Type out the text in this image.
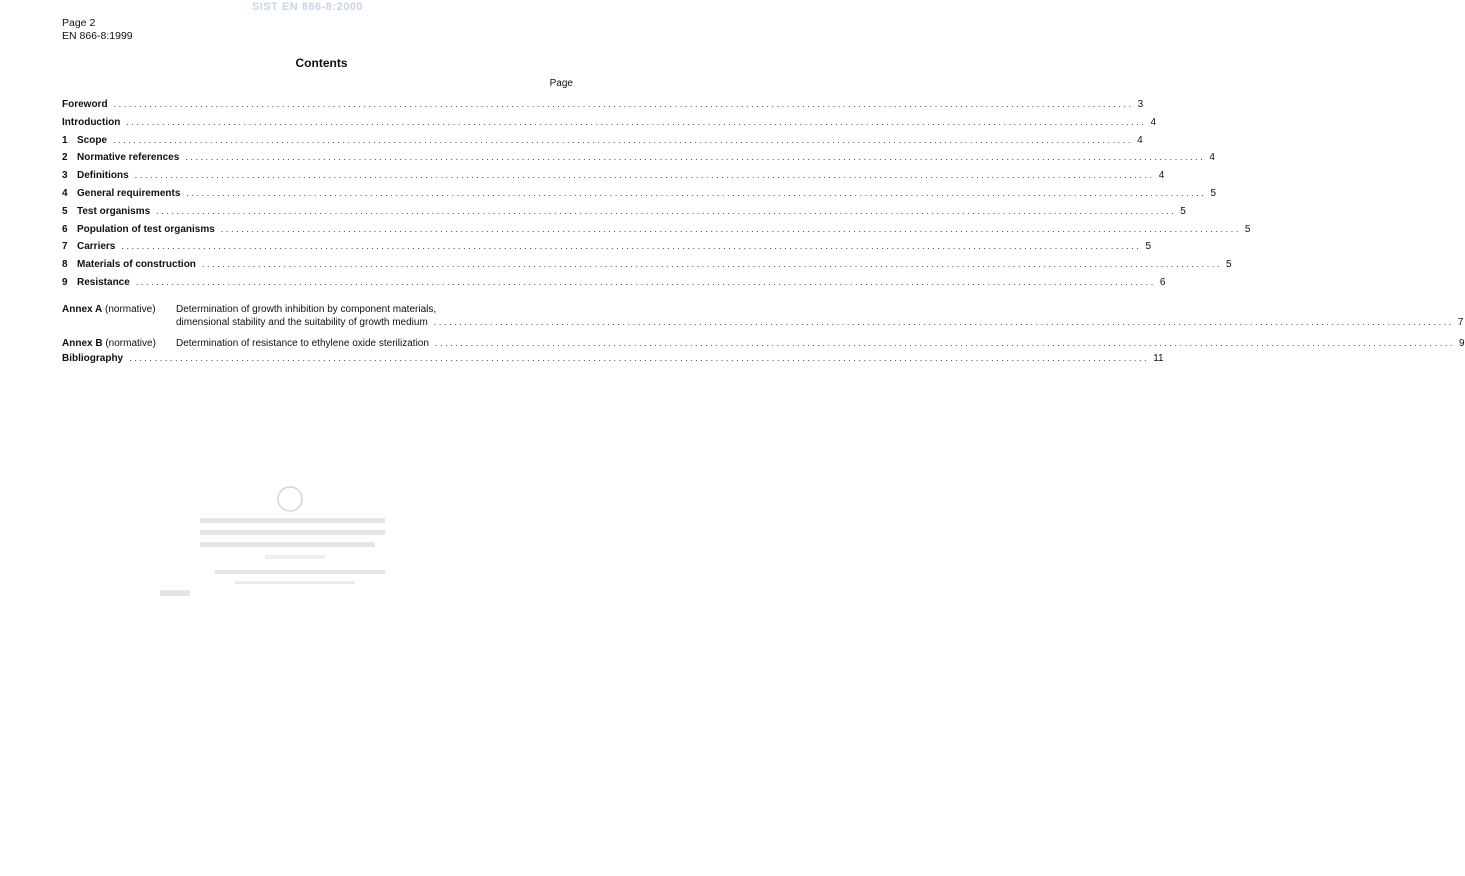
SIST EN 866-8:2000
Page 2
EN 866-8:1999
Contents
Page
Foreword ........................................................................................................................................................................................................ 3
Introduction ........................................................................................................................................................................................................ 4
1 Scope ........................................................................................................................................................................................................ 4
2 Normative references ........................................................................................................................................................................................................ 4
3 Definitions ........................................................................................................................................................................................................ 4
4 General requirements ........................................................................................................................................................................................................ 5
5 Test organisms ........................................................................................................................................................................................................ 5
6 Population of test organisms ........................................................................................................................................................................................................ 5
7 Carriers ........................................................................................................................................................................................................ 5
8 Materials of construction ........................................................................................................................................................................................................ 5
9 Resistance ........................................................................................................................................................................................................ 6
Annex A (normative) Determination of growth inhibition by component materials,
dimensional stability and the suitability of growth medium ........................................................................................................................................................................................................ 7
Annex B (normative) Determination of resistance to ethylene oxide sterilization ........................................................................................................................................................................................................ 9
Bibliography ........................................................................................................................................................................................................ 11
